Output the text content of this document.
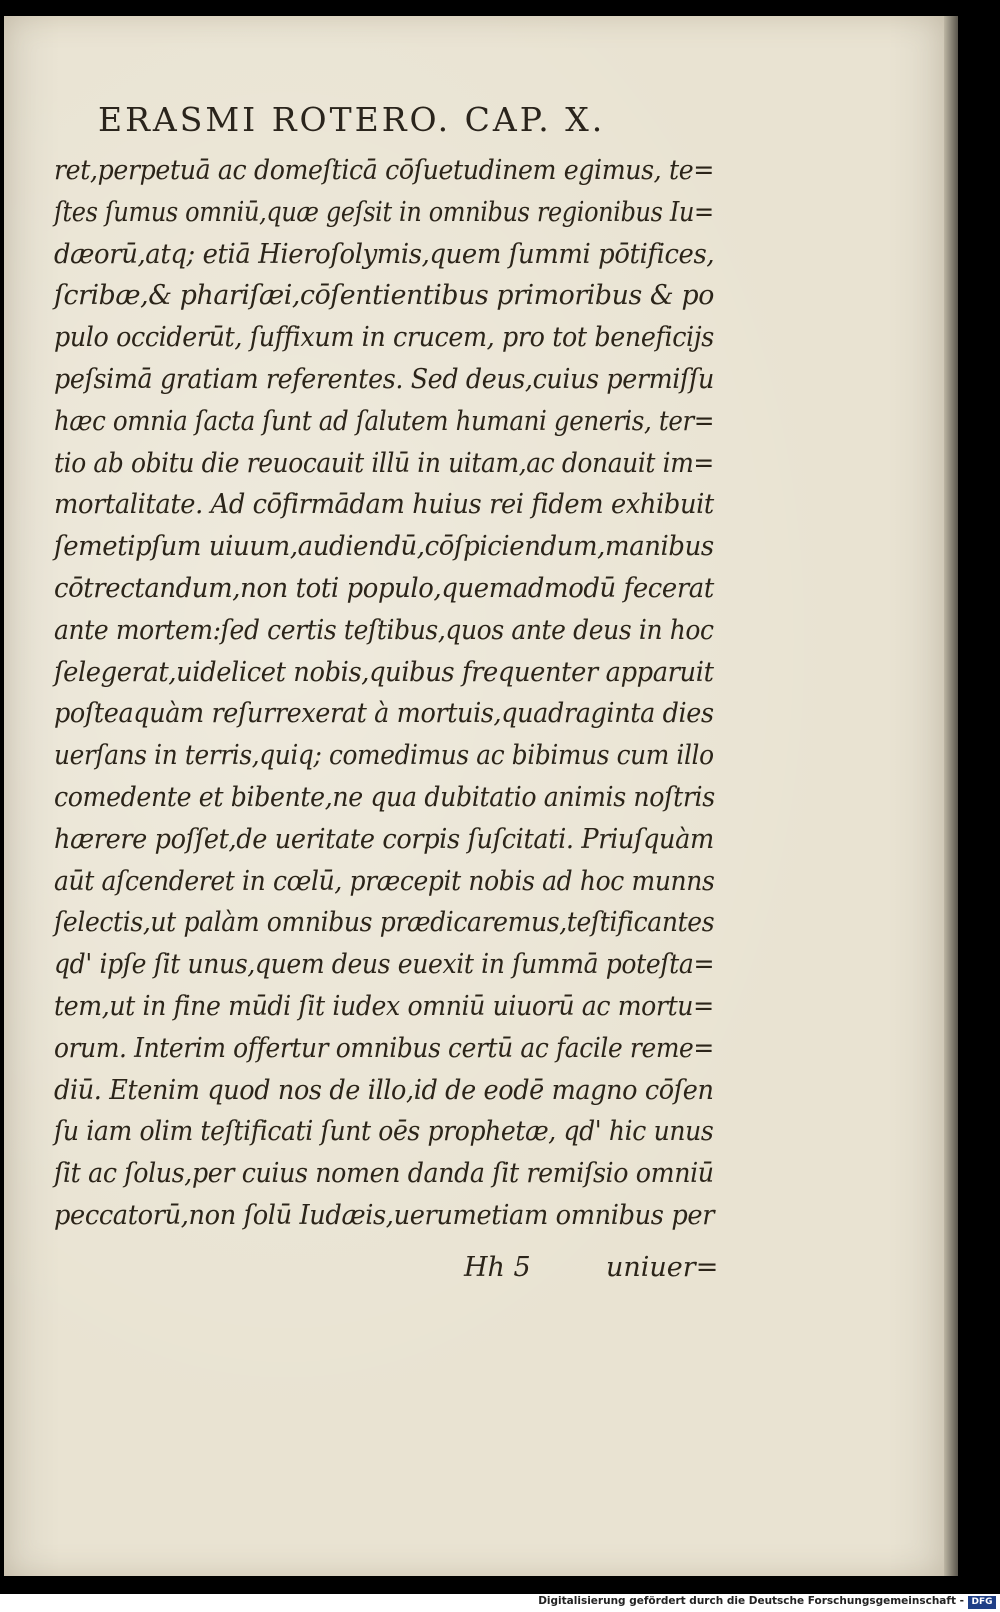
ERASMI ROTERO. CAP. X.
ret,perpetuā ac domeſticā cōſuetudinem egimus, te=
ſtes ſumus omniū,quæ geſsit in omnibus regionibus Iu=
dæorū,atq; etiā Hieroſolymis,quem ſummi pōtifices,
ſcribæ,& phariſæi,cōſentientibus primoribus & po
pulo occiderūt, ſuffixum in crucem, pro tot beneficijs
peſsimā gratiam referentes. Sed deus,cuius permiſſu
hæc omnia ſacta ſunt ad ſalutem humani generis, ter=
tio ab obitu die reuocauit illū in uitam,ac donauit im=
mortalitate. Ad cōfirmādam huius rei fidem exhibuit
ſemetipſum uiuum,audiendū,cōſpiciendum,manibus
cōtrectandum,non toti populo,quemadmodū fecerat
ante mortem:ſed certis teſtibus,quos ante deus in hoc
ſelegerat,uidelicet nobis,quibus frequenter apparuit
poſteaquàm reſurrexerat à mortuis,quadraginta dies
uerſans in terris,quiq; comedimus ac bibimus cum illo
comedente et bibente,ne qua dubitatio animis noſtris
hærere poſſet,de ueritate corpis ſuſcitati. Priuſquàm
aūt aſcenderet in cœlū, præcepit nobis ad hoc munns
ſelectis,ut palàm omnibus prædicaremus,teſtificantes
qd' ipſe ſit unus,quem deus euexit in ſummā poteſta=
tem,ut in fine mūdi ſit iudex omniū uiuorū ac mortu=
orum. Interim offertur omnibus certū ac facile reme=
diū. Etenim quod nos de illo,id de eodē magno cōſen
ſu iam olim teſtificati ſunt oēs prophetæ, qd' hic unus
ſit ac ſolus,per cuius nomen danda ſit remiſsio omniū
peccatorū,non ſolū Iudæis,uerumetiam omnibus per
Hh 5	uniuer=
Digitalisierung gefördert durch die Deutsche Forschungsgemeinschaft - DFG
